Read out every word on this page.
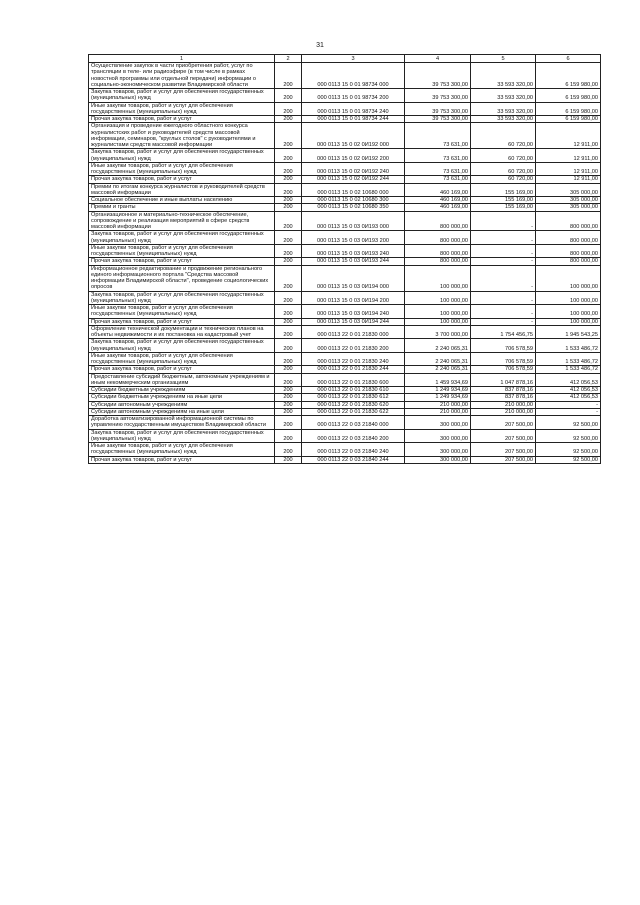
31
1	2	3	4	5	6
Осуществление закупок в части приобретения работ, услуг по трансляции в теле- или радиоэфире (в том числе в рамках новостной программы или отдельной передачи) информации о социально-экономическом развитии Владимирской области	200	000 0113 15 0 01 98734 000	39 753 300,00	33 593 320,00	6 159 980,00
Закупка товаров, работ и услуг для обеспечения государственных (муниципальных) нужд	200	000 0113 15 0 01 98734 200	39 753 300,00	33 593 320,00	6 159 980,00
Иные закупки товаров, работ и услуг для обеспечения государственных (муниципальных) нужд	200	000 0113 15 0 01 98734 240	39 753 300,00	33 593 320,00	6 159 980,00
Прочая закупка товаров, работ и услуг	200	000 0113 15 0 01 98734 244	39 753 300,00	33 593 320,00	6 159 980,00
Организация и проведение ежегодного областного конкурса журналистских работ и руководителей средств массовой информации, семинаров, "круглых столов" с руководителями и журналистами средств массовой информации	200	000 0113 15 0 02 0И192 000	73 631,00	60 720,00	12 911,00
Закупка товаров, работ и услуг для обеспечения государственных (муниципальных) нужд	200	000 0113 15 0 02 0И192 200	73 631,00	60 720,00	12 911,00
Иные закупки товаров, работ и услуг для обеспечения государственных (муниципальных) нужд	200	000 0113 15 0 02 0И192 240	73 631,00	60 720,00	12 911,00
Прочая закупка товаров, работ и услуг	200	000 0113 15 0 02 0И192 244	73 631,00	60 720,00	12 911,00
Премии по итогам конкурса журналистов и руководителей средств массовой информации	200	000 0113 15 0 02 10680 000	460 169,00	155 169,00	305 000,00
Социальное обеспечение и иные выплаты населению	200	000 0113 15 0 02 10680 300	460 169,00	155 169,00	305 000,00
Премии и гранты	200	000 0113 15 0 02 10680 350	460 169,00	155 169,00	305 000,00
Организационное и материально-техническое обеспечение, сопровождение и реализация мероприятий в сфере средств массовой информации	200	000 0113 15 0 03 0И193 000	800 000,00	-	800 000,00
Закупка товаров, работ и услуг для обеспечения государственных (муниципальных) нужд	200	000 0113 15 0 03 0И193 200	800 000,00	-	800 000,00
Иные закупки товаров, работ и услуг для обеспечения государственных (муниципальных) нужд	200	000 0113 15 0 03 0И193 240	800 000,00	-	800 000,00
Прочая закупка товаров, работ и услуг	200	000 0113 15 0 03 0И193 244	800 000,00	-	800 000,00
Информационное редактирование и продвижение регионального единого информационного портала "Средства массовой информации Владимирской области", проведение социологических опросов	200	000 0113 15 0 03 0И194 000	100 000,00	-	100 000,00
Закупка товаров, работ и услуг для обеспечения государственных (муниципальных) нужд	200	000 0113 15 0 03 0И194 200	100 000,00	-	100 000,00
Иные закупки товаров, работ и услуг для обеспечения государственных (муниципальных) нужд	200	000 0113 15 0 03 0И194 240	100 000,00	-	100 000,00
Прочая закупка товаров, работ и услуг	200	000 0113 15 0 03 0И194 244	100 000,00	-	100 000,00
Оформление технической документации и технических планов на объекты недвижимости и их постановка на кадастровый учет	200	000 0113 22 0 01 21830 000	3 700 000,00	1 754 456,75	1 945 543,25
Закупка товаров, работ и услуг для обеспечения государственных (муниципальных) нужд	200	000 0113 22 0 01 21830 200	2 240 065,31	706 578,59	1 533 486,72
Иные закупки товаров, работ и услуг для обеспечения государственных (муниципальных) нужд	200	000 0113 22 0 01 21830 240	2 240 065,31	706 578,59	1 533 486,72
Прочая закупка товаров, работ и услуг	200	000 0113 22 0 01 21830 244	2 240 065,31	706 578,59	1 533 486,72
Предоставление субсидий бюджетным, автономным учреждениям и иным некоммерческим организациям	200	000 0113 22 0 01 21830 600	1 459 934,69	1 047 878,16	412 056,53
Субсидии бюджетным учреждениям	200	000 0113 22 0 01 21830 610	1 249 934,69	837 878,16	412 056,53
Субсидии бюджетным учреждениям на иные цели	200	000 0113 22 0 01 21830 612	1 249 934,69	837 878,16	412 056,53
Субсидии автономным учреждениям	200	000 0113 22 0 01 21830 620	210 000,00	210 000,00	-
Субсидии автономным учреждениям на иные цели	200	000 0113 22 0 01 21830 622	210 000,00	210 000,00	-
Доработка автоматизированной информационной системы по управлению государственным имуществом Владимирской области	200	000 0113 22 0 03 21840 000	300 000,00	207 500,00	92 500,00
Закупка товаров, работ и услуг для обеспечения государственных (муниципальных) нужд	200	000 0113 22 0 03 21840 200	300 000,00	207 500,00	92 500,00
Иные закупки товаров, работ и услуг для обеспечения государственных (муниципальных) нужд	200	000 0113 22 0 03 21840 240	300 000,00	207 500,00	92 500,00
Прочая закупка товаров, работ и услуг	200	000 0113 22 0 03 21840 244	300 000,00	207 500,00	92 500,00
